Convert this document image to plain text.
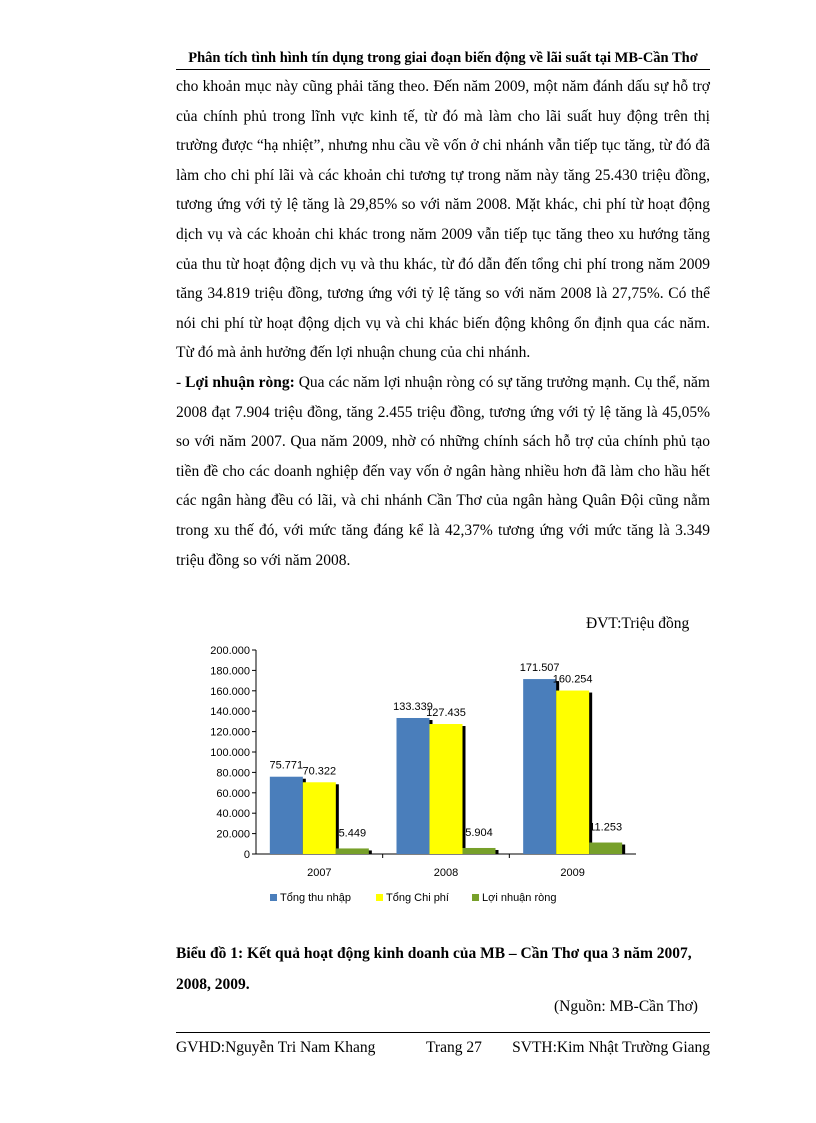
Phân tích tình hình tín dụng trong giai đoạn biến động về lãi suất tại MB-Cần Thơ

cho khoản mục này cũng phải tăng theo. Đến năm 2009, một năm đánh dấu sự hỗ trợ của chính phủ trong lĩnh vực kinh tế, từ đó mà làm cho lãi suất huy động trên thị trường được “hạ nhiệt”, nhưng nhu cầu về vốn ở chi nhánh vẫn tiếp tục tăng, từ đó đã làm cho chi phí lãi và các khoản chi tương tự trong năm này tăng 25.430 triệu đồng, tương ứng với tỷ lệ tăng là 29,85% so với năm 2008. Mặt khác, chi phí từ hoạt động dịch vụ và các khoản chi khác trong năm 2009 vẫn tiếp tục tăng theo xu hướng tăng của thu từ hoạt động dịch vụ và thu khác, từ đó dẫn đến tổng chi phí trong năm 2009 tăng 34.819 triệu đồng, tương ứng với tỷ lệ tăng so với năm 2008 là 27,75%. Có thể nói chi phí từ hoạt động dịch vụ và chi khác biến động không ổn định qua các năm. Từ đó mà ảnh hưởng đến lợi nhuận chung của chi nhánh.

- Lợi nhuận ròng: Qua các năm lợi nhuận ròng có sự tăng trưởng mạnh. Cụ thể, năm 2008 đạt 7.904 triệu đồng, tăng 2.455 triệu đồng, tương ứng với tỷ lệ tăng là 45,05% so với năm 2007. Qua năm 2009, nhờ có những chính sách hỗ trợ của chính phủ tạo tiền đề cho các doanh nghiệp đến vay vốn ở ngân hàng nhiều hơn đã làm cho hầu hết các ngân hàng đều có lãi, và chi nhánh Cần Thơ của ngân hàng Quân Đội cũng nằm trong xu thế đó, với mức tăng đáng kể là 42,37% tương ứng với mức tăng là 3.349 triệu đồng so với năm 2008.

ĐVT:Triệu đồng
0
20.000
40.000
60.000
80.000
100.000
120.000
140.000
160.000
180.000
200.000
75.771 70.322
5.449
2007
133.339
127.435
5.904
2008
171.507
160.254
11.253
2009
Tổng thu nhập	Tổng Chi phí	Lợi nhuận ròng
Biểu đồ 1: Kết quả hoạt động kinh doanh của MB – Cần Thơ qua 3 năm 2007, 2008, 2009.
(Nguồn: MB-Cần Thơ)
GVHD:Nguyễn Tri Nam Khang	Trang 27 SVTH:Kim Nhật Trường Giang
